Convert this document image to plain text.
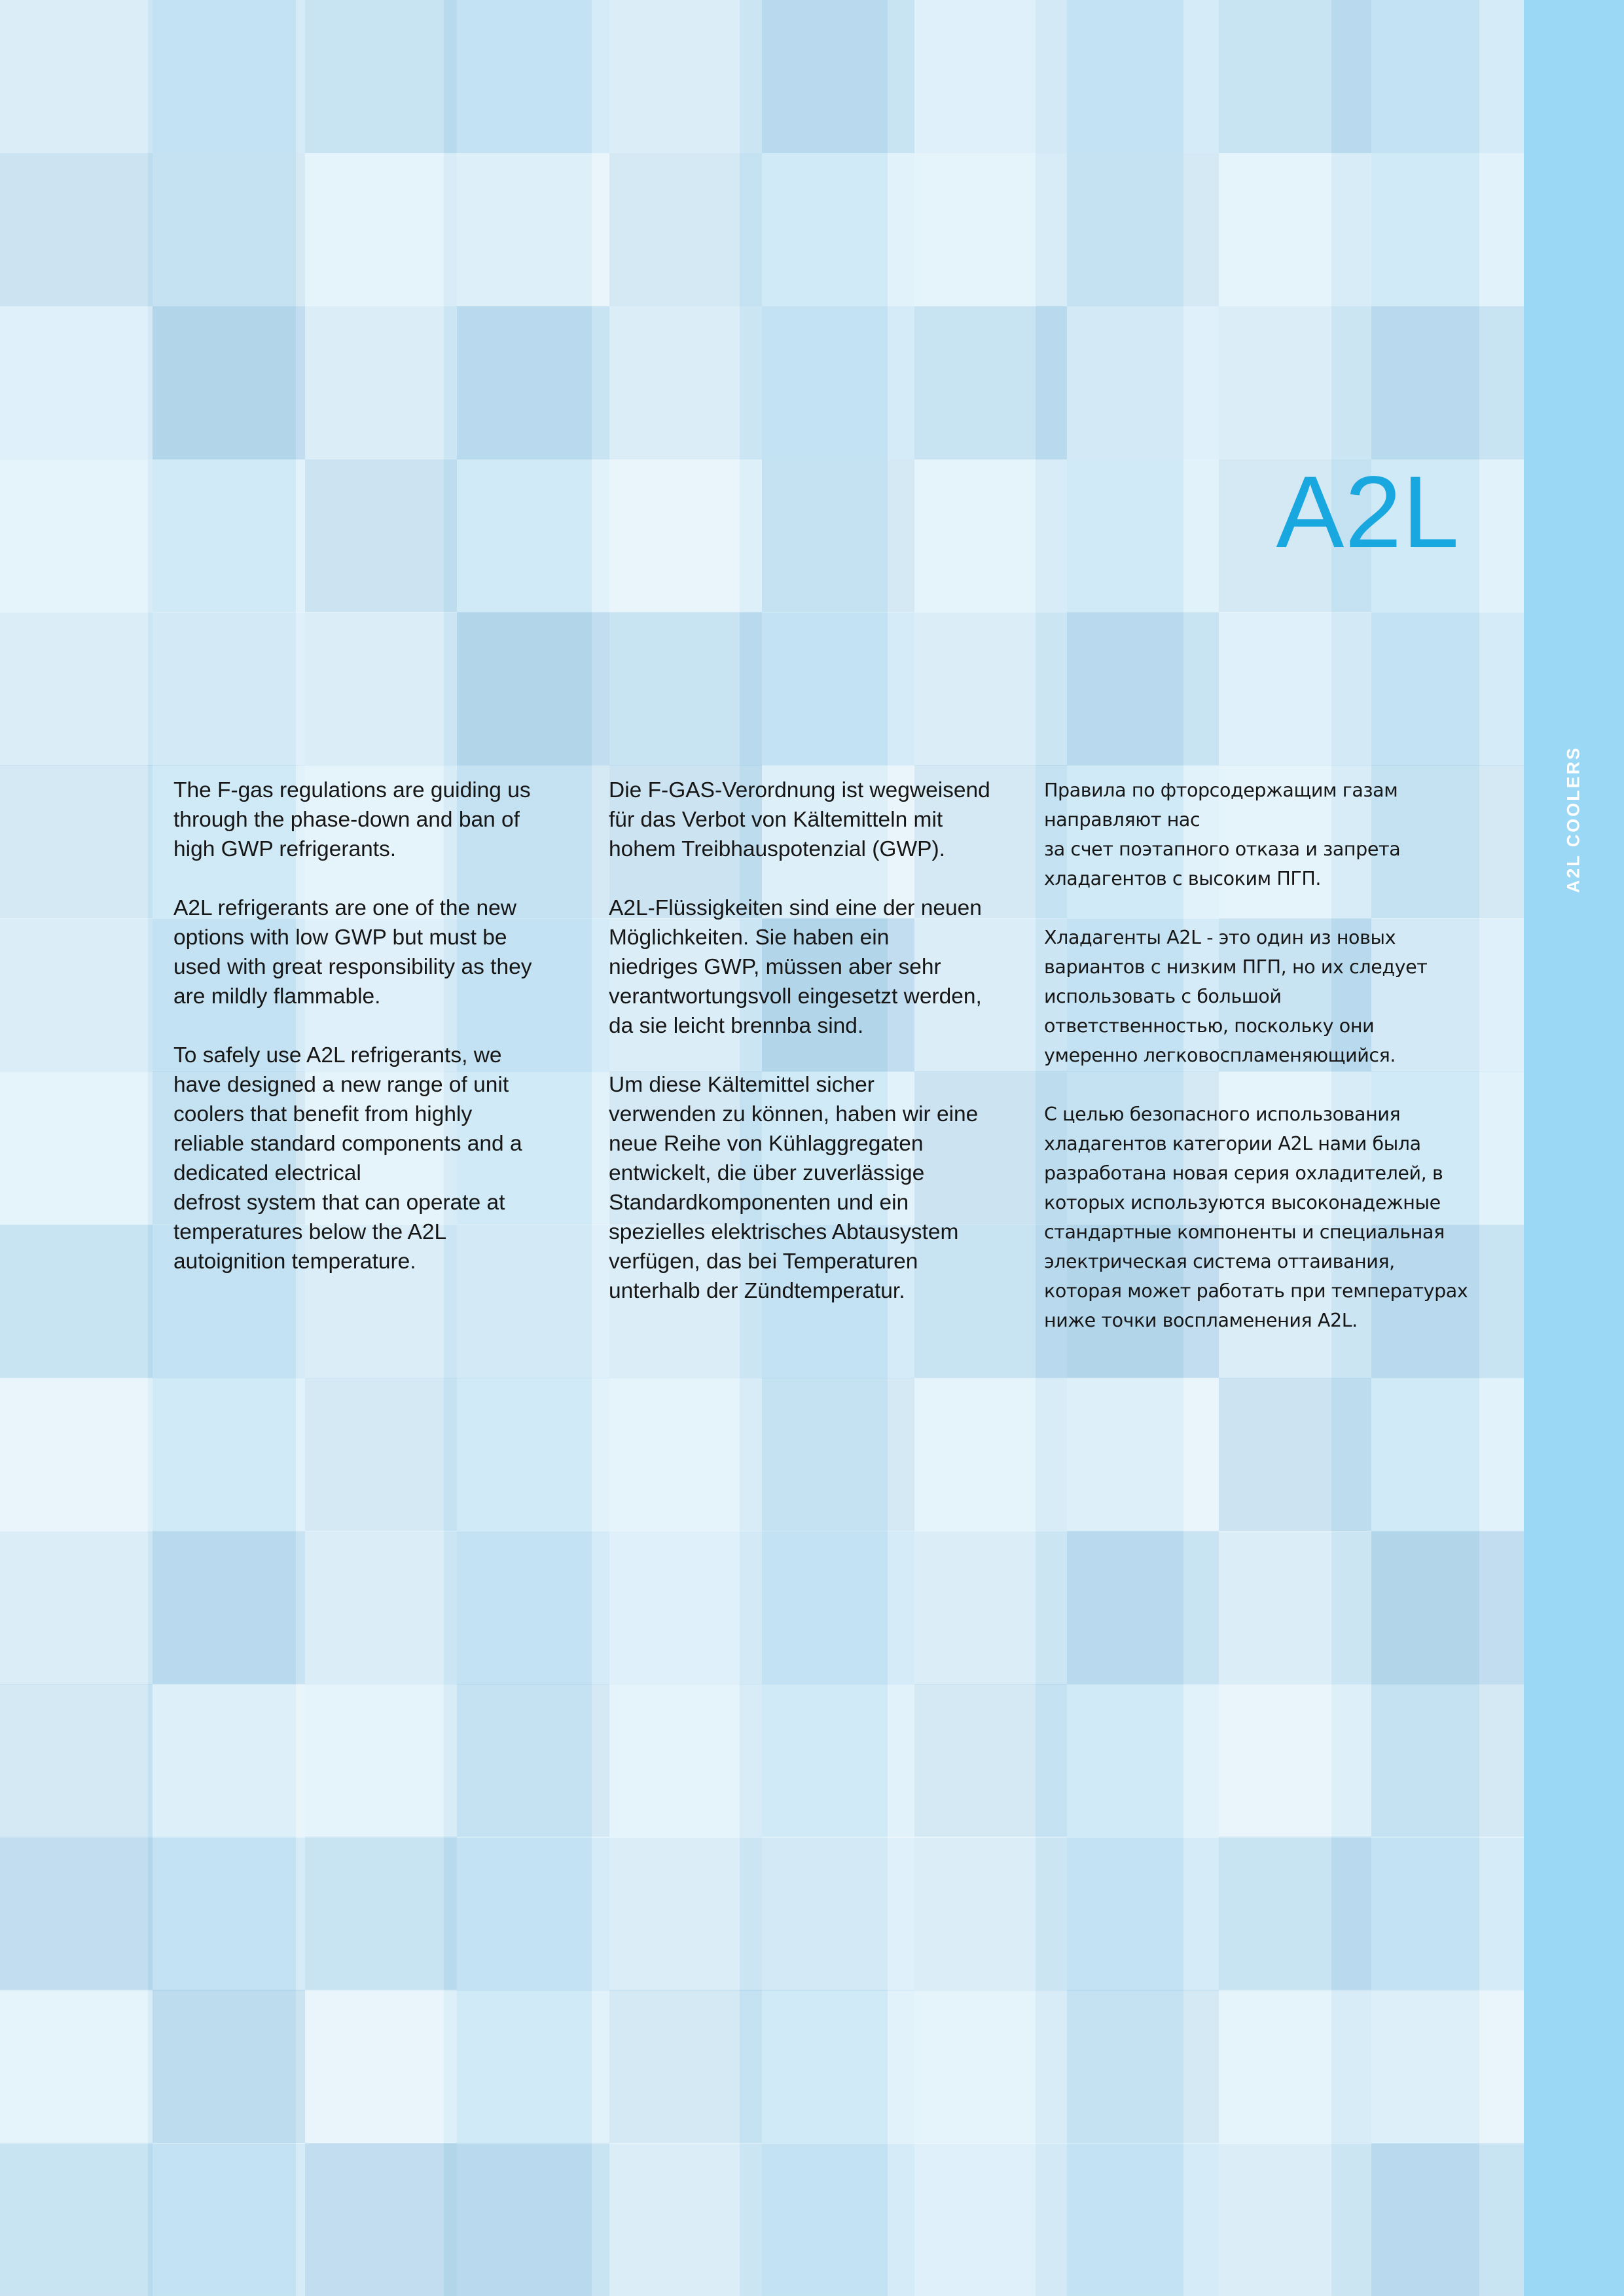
A2L COOLERS
A2L

The F-gas regulations are guiding us
through the phase-down and ban of
high GWP refrigerants.

A2L refrigerants are one of the new
options with low GWP but must be
used with great responsibility as they
are mildly flammable.

To safely use A2L refrigerants, we
have designed a new range of unit
coolers that benefit from highly
reliable standard components and a
dedicated electrical
defrost system that can operate at
temperatures below the A2L
autoignition temperature.

Die F-GAS-Verordnung ist wegweisend
für das Verbot von Kältemitteln mit
hohem Treibhauspotenzial (GWP).

A2L-Flüssigkeiten sind eine der neuen
Möglichkeiten. Sie haben ein
niedriges GWP, müssen aber sehr
verantwortungsvoll eingesetzt werden,
da sie leicht brennba sind.

Um diese Kältemittel sicher
verwenden zu können, haben wir eine
neue Reihe von Kühlaggregaten
entwickelt, die über zuverlässige
Standardkomponenten und ein
spezielles elektrisches Abtausystem
verfügen, das bei Temperaturen
unterhalb der Zündtemperatur.

Правила по фторсодержащим газам
направляют нас
за счет поэтапного отказа и запрета
хладагентов с высоким ПГП.

Хладагенты A2L - это один из новых
вариантов с низким ПГП, но их следует
использовать с большой
ответственностью, поскольку они
умеренно легковоспламеняющийся.

С целью безопасного использования
хладагентов категории A2L нами была
разработана новая серия охладителей, в
которых используются высоконадежные
стандартные компоненты и специальная
электрическая система оттаивания,
которая может работать при температурах
ниже точки воспламенения A2L.
